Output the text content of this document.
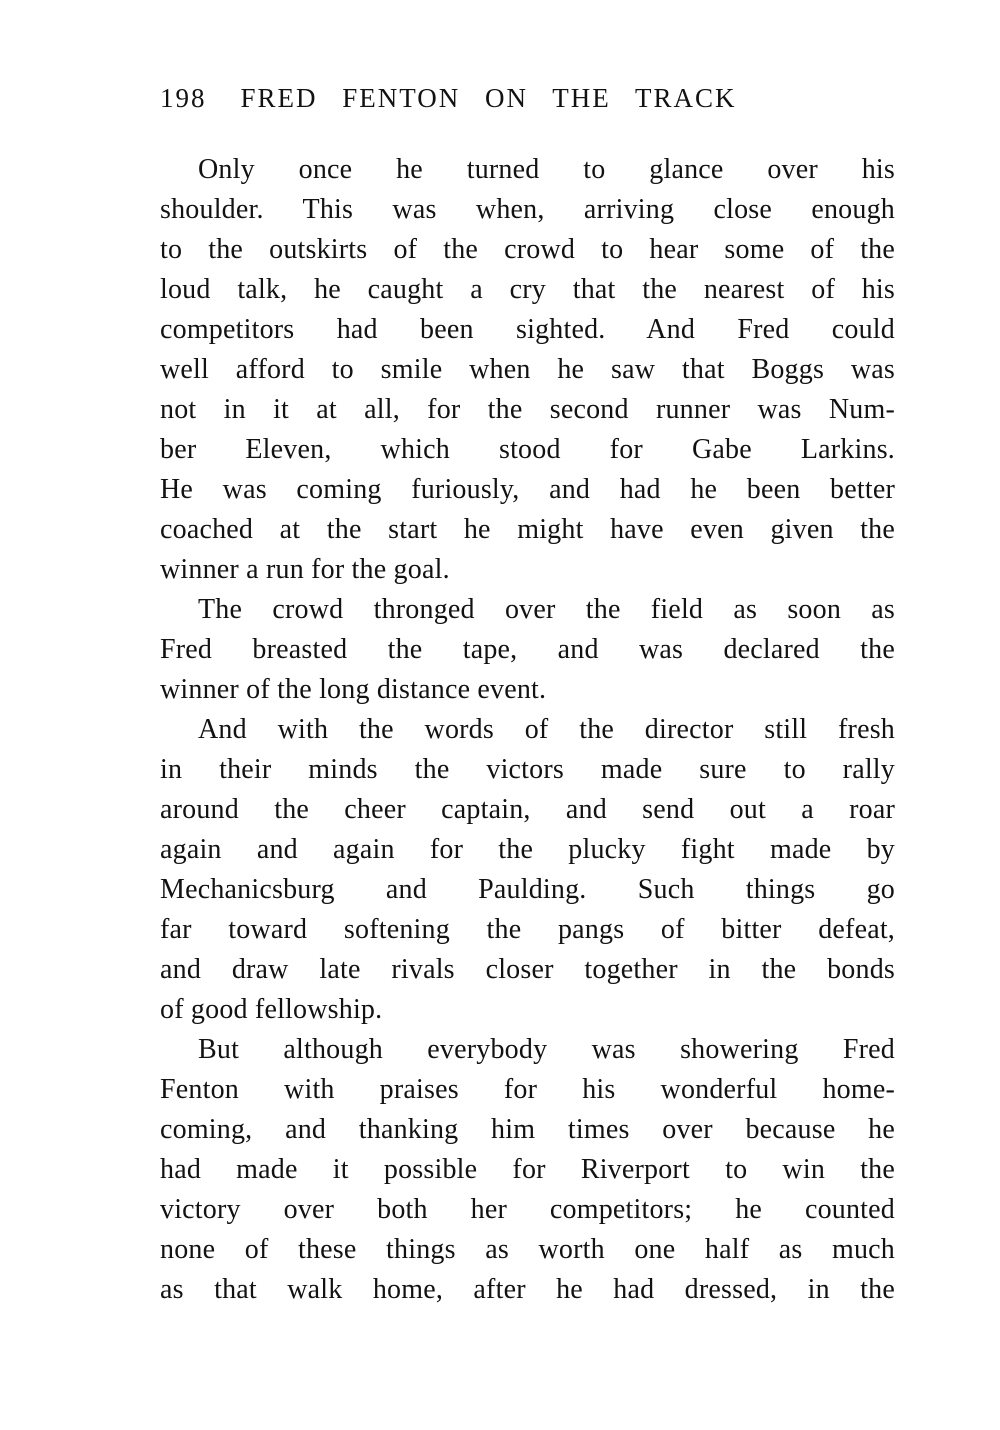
198 FRED FENTON ON THE TRACK
Only once he turned to glance over his
shoulder. This was when, arriving close enough
to the outskirts of the crowd to hear some of the
loud talk, he caught a cry that the nearest of his
competitors had been sighted. And Fred could
well afford to smile when he saw that Boggs was
not in it at all, for the second runner was Num-
ber Eleven, which stood for Gabe Larkins.
He was coming furiously, and had he been better
coached at the start he might have even given the
winner a run for the goal.
The crowd thronged over the field as soon as
Fred breasted the tape, and was declared the
winner of the long distance event.
And with the words of the director still fresh
in their minds the victors made sure to rally
around the cheer captain, and send out a roar
again and again for the plucky fight made by
Mechanicsburg and Paulding. Such things go
far toward softening the pangs of bitter defeat,
and draw late rivals closer together in the bonds
of good fellowship.
But although everybody was showering Fred
Fenton with praises for his wonderful home-
coming, and thanking him times over because he
had made it possible for Riverport to win the
victory over both her competitors; he counted
none of these things as worth one half as much
as that walk home, after he had dressed, in the
